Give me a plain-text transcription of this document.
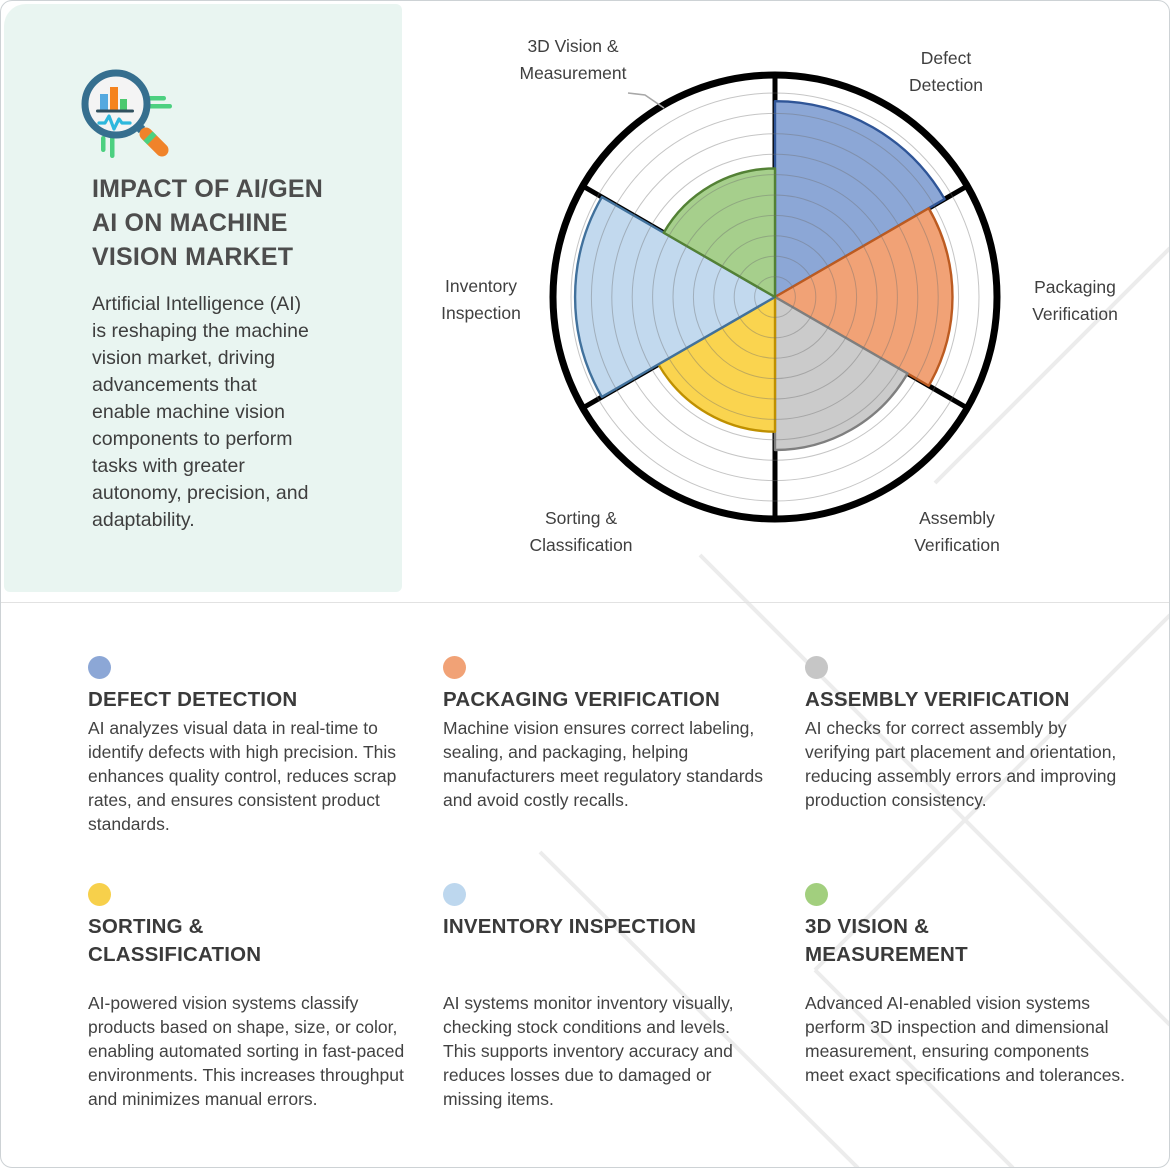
IMPACT OF AI/GEN
AI ON MACHINE
VISION MARKET
Artificial Intelligence (AI) is reshaping the machine vision market, driving advancements that enable machine vision components to perform tasks with greater autonomy, precision, and adaptability.
3D Vision &
Measurement
Defect
Detection
Packaging
Verification
Inventory
Inspection
Sorting &
Classification
Assembly
Verification
DEFECT DETECTION
AI analyzes visual data in real-time to identify defects with high precision. This enhances quality control, reduces scrap rates, and ensures consistent product standards.
PACKAGING VERIFICATION
Machine vision ensures correct labeling, sealing, and packaging, helping manufacturers meet regulatory standards and avoid costly recalls.
ASSEMBLY VERIFICATION
AI checks for correct assembly by verifying part placement and orientation, reducing assembly errors and improving production consistency.
SORTING &
CLASSIFICATION
AI-powered vision systems classify products based on shape, size, or color, enabling automated sorting in fast-paced environments. This increases throughput and minimizes manual errors.
INVENTORY INSPECTION
AI systems monitor inventory visually, checking stock conditions and levels. This supports inventory accuracy and reduces losses due to damaged or missing items.
3D VISION &
MEASUREMENT
Advanced AI-enabled vision systems perform 3D inspection and dimensional measurement, ensuring components meet exact specifications and tolerances.
